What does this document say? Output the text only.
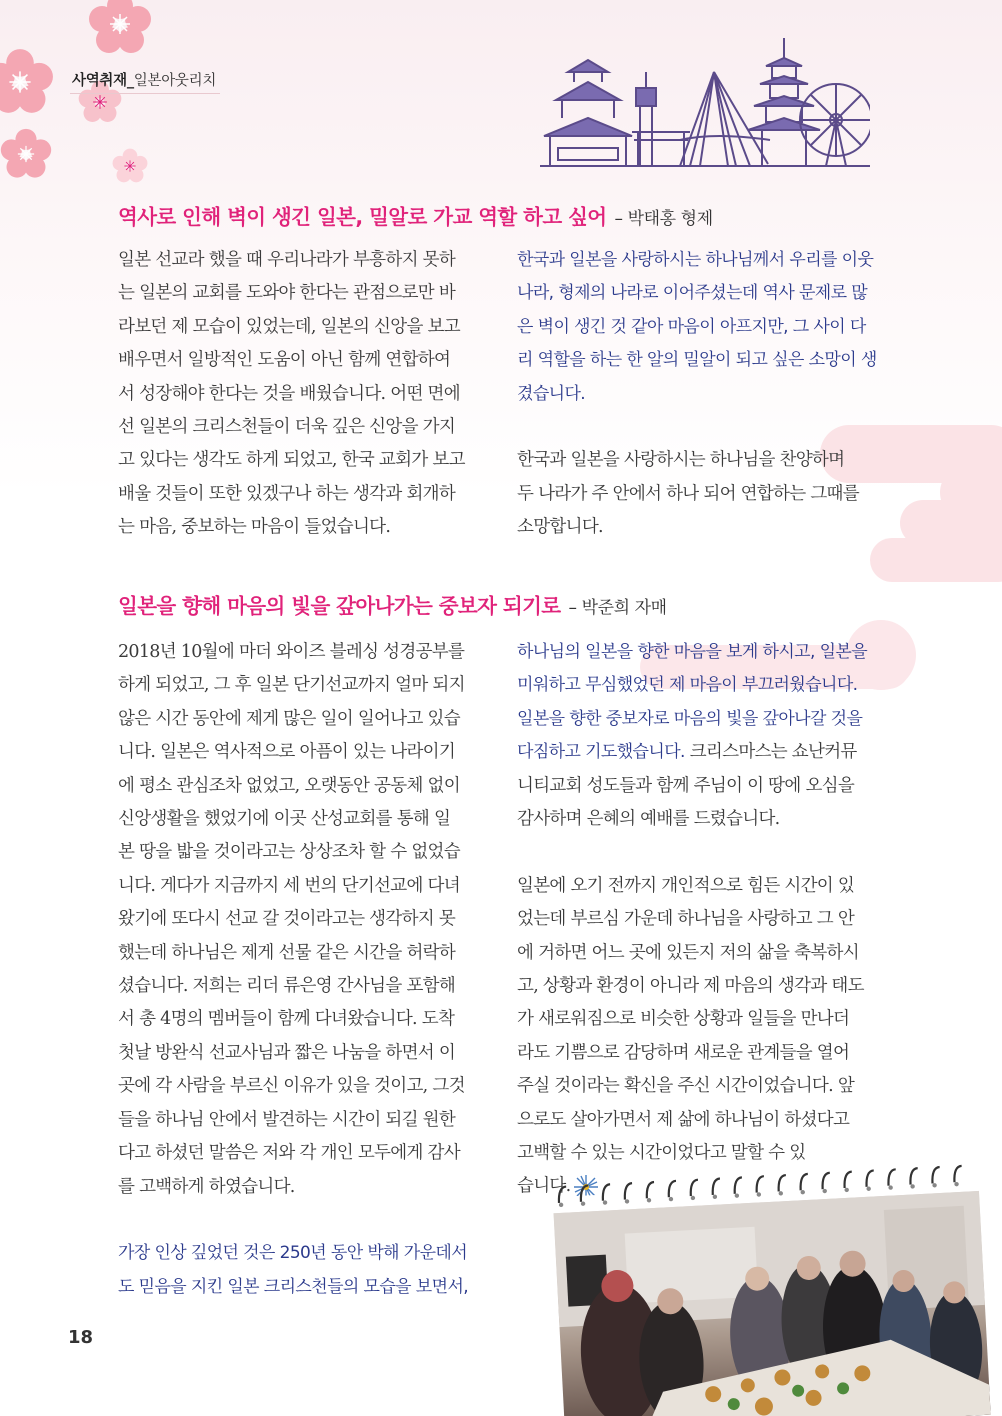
사역취재_일본아웃리치
역사로 인해 벽이 생긴 일본, 밀알로 가교 역할 하고 싶어 – 박태홍 형제

일본 선교라 했을 때 우리나라가 부흥하지 못하

는 일본의 교회를 도와야 한다는 관점으로만 바

라보던 제 모습이 있었는데, 일본의 신앙을 보고

배우면서 일방적인 도움이 아닌 함께 연합하여

서 성장해야 한다는 것을 배웠습니다. 어떤 면에

선 일본의 크리스천들이 더욱 깊은 신앙을 가지

고 있다는 생각도 하게 되었고, 한국 교회가 보고

배울 것들이 또한 있겠구나 하는 생각과 회개하

는 마음, 중보하는 마음이 들었습니다.

한국과 일본을 사랑하시는 하나님께서 우리를 이웃

나라, 형제의 나라로 이어주셨는데 역사 문제로 많

은 벽이 생긴 것 같아 마음이 아프지만, 그 사이 다

리 역할을 하는 한 알의 밀알이 되고 싶은 소망이 생

겼습니다.

한국과 일본을 사랑하시는 하나님을 찬양하며

두 나라가 주 안에서 하나 되어 연합하는 그때를

소망합니다.

일본을 향해 마음의 빛을 갚아나가는 중보자 되기로 – 박준희 자매

2018년 10월에 마더 와이즈 블레싱 성경공부를

하게 되었고, 그 후 일본 단기선교까지 얼마 되지

않은 시간 동안에 제게 많은 일이 일어나고 있습

니다. 일본은 역사적으로 아픔이 있는 나라이기

에 평소 관심조차 없었고, 오랫동안 공동체 없이

신앙생활을 했었기에 이곳 산성교회를 통해 일

본 땅을 밟을 것이라고는 상상조차 할 수 없었습

니다. 게다가 지금까지 세 번의 단기선교에 다녀

왔기에 또다시 선교 갈 것이라고는 생각하지 못

했는데 하나님은 제게 선물 같은 시간을 허락하

셨습니다. 저희는 리더 류은영 간사님을 포함해

서 총 4명의 멤버들이 함께 다녀왔습니다. 도착

첫날 방완식 선교사님과 짧은 나눔을 하면서 이

곳에 각 사람을 부르신 이유가 있을 것이고, 그것

들을 하나님 안에서 발견하는 시간이 되길 원한

다고 하셨던 말씀은 저와 각 개인 모두에게 감사

를 고백하게 하였습니다.

가장 인상 깊었던 것은 250년 동안 박해 가운데서

도 믿음을 지킨 일본 크리스천들의 모습을 보면서,

하나님의 일본을 향한 마음을 보게 하시고, 일본을

미워하고 무심했었던 제 마음이 부끄러웠습니다.

일본을 향한 중보자로 마음의 빛을 갚아나갈 것을

다짐하고 기도했습니다. 크리스마스는 쇼난커뮤

니티교회 성도들과 함께 주님이 이 땅에 오심을

감사하며 은혜의 예배를 드렸습니다.

일본에 오기 전까지 개인적으로 힘든 시간이 있

었는데 부르심 가운데 하나님을 사랑하고 그 안

에 거하면 어느 곳에 있든지 저의 삶을 축복하시

고, 상황과 환경이 아니라 제 마음의 생각과 태도

가 새로워짐으로 비슷한 상황과 일들을 만나더

라도 기쁨으로 감당하며 새로운 관계들을 열어

주실 것이라는 확신을 주신 시간이었습니다. 앞

으로도 살아가면서 제 삶에 하나님이 하셨다고

고백할 수 있는 시간이었다고 말할 수 있

습니다.

18
